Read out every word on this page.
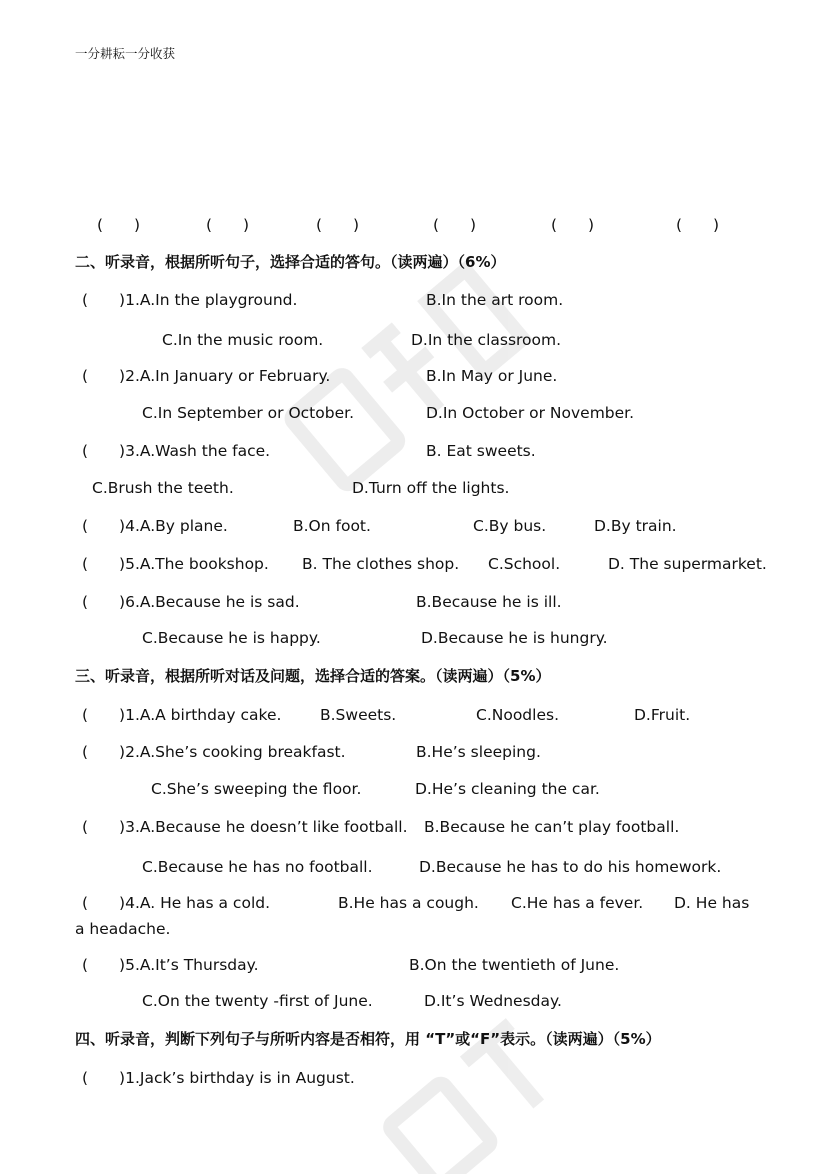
一分耕耘一分收获
(　　)	(　　)	(　　)	(　　)	(　　)	(　　)
二、听录音，根据所听句子，选择合适的答句。（读两遍）（6%）
(　　)1.A.In the playground.	B.In the art room.
C.In the music room.	D.In the classroom.
(　　)2.A.In January or February.	B.In May or June.
C.In September or October.	D.In October or November.
(　　)3.A.Wash the face.	B. Eat sweets.
C.Brush the teeth.	D.Turn off the lights.
(　　)4.A.By plane.	B.On foot.	C.By bus.	D.By train.
(　　)5.A.The bookshop. B. The clothes shop. C.School.	D. The supermarket.
(　　)6.A.Because he is sad.	B.Because he is ill.
C.Because he is happy.	D.Because he is hungry.
三、听录音，根据所听对话及问题，选择合适的答案。（读两遍）（5%）
(　　)1.A.A birthday cake. B.Sweets.	C.Noodles.	D.Fruit.
(　　)2.A.She’s cooking breakfast.	B.He’s sleeping.
C.She’s sweeping the floor.	D.He’s cleaning the car.
(　　)3.A.Because he doesn’t like football. B.Because he can’t play football.
C.Because he has no football.	D.Because he has to do his homework.
(　　)4.A. He has a cold.	B.He has a cough. C.He has a fever. D. He has
a headache.
(　　)5.A.It’s Thursday.	B.On the twentieth of June.
C.On the twenty -first of June.	D.It’s Wednesday.
四、听录音，判断下列句子与所听内容是否相符，用 “T”或“F”表示。（读两遍）（5%）
(　　)1.Jack’s birthday is in August.
